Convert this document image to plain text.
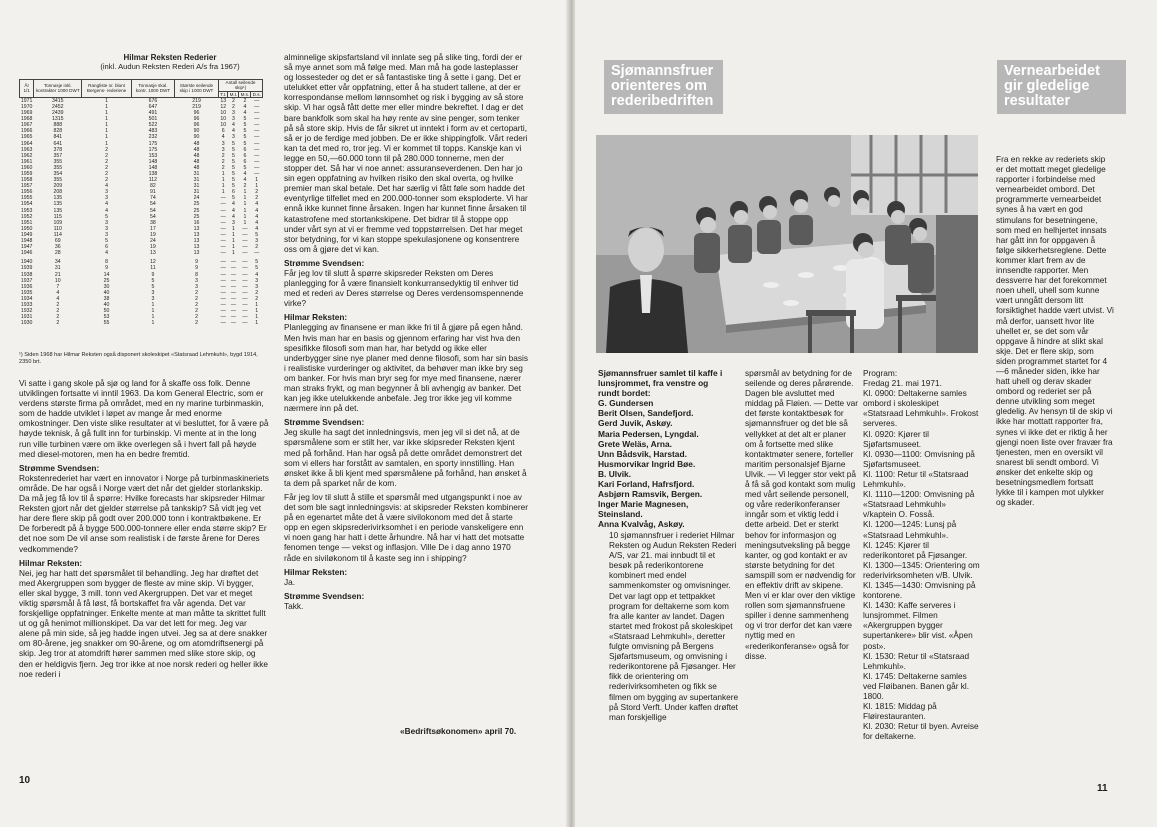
Hilmar Reksten Rederier
(inkl. Audun Reksten Rederi A/s fra 1967)
År 1/1	Tonnasje inkl. kontrakter 1000 DWT	Rangliste nr. blant Bergens- rederiene	Tonnasje skal. kontr. 1000 DWT	Største seilende skip i 1000 DWT	Antall seilende skip¹)				
					T.t.	M.t.	M.s.	D.s.	
1971	3415	1	676	219	13	2	2	—	
1970	2452	1	647	219	12	2	4	—	
1969	2439	1	491	96	10	3	4	—	
1968	1315	1	501	96	10	3	5	—	
1967	888	1	522	96	10	4	5	—	
1966	828	1	483	90	6	4	5	—	
1965	841	1	232	90	4	3	5	—	
1964	641	1	175	48	3	5	5	—	
1963	378	2	175	48	3	5	6	—	
1962	357	2	153	48	2	5	6	—	
1961	355	2	148	48	2	5	6	—	
1960	355	2	148	48	2	5	5	—	
1959	354	2	138	31	1	5	4	—	
1958	355	2	112	31	1	5	4	1	
1957	209	4	82	31	1	5	2	1	
1956	208	3	91	31	1	6	1	2	
1955	135	3	74	24	—	5	1	2	
1954	135	4	54	25	—	4	1	4	
1953	135	4	54	25	—	4	1	4	
1952	115	5	54	25	—	4	1	4	
1951	109	3	38	16	—	3	1	4	
1950	110	3	17	13	—	1	—	4	
1949	114	3	19	13	—	1	—	5	
1948	69	5	24	13	—	1	—	3	
1947	36	6	19	13	—	1	—	2	
1946	28	4	13	13	—	1	—	—	
1940	34	8	12	9	—	—	—	5	
1939	31	9	11	9	—	—	—	5	
1938	21	14	9	8	—	—	—	4	
1937	10	25	5	3	—	—	—	3	
1936	7	30	5	3	—	—	—	3	
1935	4	40	3	2	—	—	—	2	
1934	4	38	3	2	—	—	—	2	
1933	2	40	1	2	—	—	—	1	
1932	2	50	1	2	—	—	—	1	
1931	2	53	1	2	—	—	—	1	
1930	2	55	1	2	—	—	—	1	
¹) Siden 1968 har Hilmar Reksten også disponert skoleskipet «Statsraad Lehmkuhl», bygd 1914, 2350 brt.

Vi satte i gang skole på sjø og land for å skaffe oss folk. Denne utviklingen fortsatte vi inntil 1963. Da kom General Electric, som er verdens største firma på området, med en ny marine turbinmaskin, som de hadde utviklet i løpet av mange år med enorme omkostninger. Den viste slike resultater at vi besluttet, for å være på høyde teknisk, å gå fullt inn for turbinskip. Vi mente at in the long run ville turbinen være om ikke overlegen så i hvert fall på høyde med diesel-motoren, men ha en bedre fremtid.

Strømme Svendsen:

Rokstenrederiet har vært en innovator i Norge på turbinmaskineriets område. De har også i Norge vært det når det gjelder storlankskip. Da må jeg få lov til å spørre: Hvilke forecasts har skipsreder Hilmar Reksten gjort når det gjelder størrelse på tankskip? Så vidt jeg vet har dere flere skip på godt over 200.000 tonn i kontraktbøkene. Er De forberedt på å bygge 500.000-tonnere eller enda større skip? Er det noe som De vil anse som realistisk i de første årene for Deres vedkommende?

Hilmar Reksten:

Nei, jeg har hatt det spørsmålet til behandling. Jeg har drøftet det med Akergruppen som bygger de fleste av mine skip. Vi bygger, eller skal bygge, 3 mill. tonn ved Akergruppen. Det var et meget viktig spørsmål å få løst, få bortskaffet fra vår agenda. Det var forskjellige oppfatninger. Enkelte mente at man måtte ta skrittet fullt ut og gå henimot millionskipet. Da var det lett for meg. Jeg var alene på min side, så jeg hadde ingen utvei. Jeg sa at dere snakker om 80-årene, jeg snakker om 90-årene, og om atomdriftsenergi på skip. Jeg tror at atomdrift hører sammen med slike store skip, og den er heldigvis fjern. Jeg tror ikke at noe norsk rederi og heller ikke noe rederi i

alminnelige skipsfartsland vil innlate seg på slike ting, fordi der er så mye annet som må følge med. Man må ha gode lasteplasser og lossesteder og det er så fantastiske ting å sette i gang. Det er utelukket etter vår oppfatning, etter å ha studert tallene, at der er korrespondanse mellom lønnsomhet og risk i bygging av så store skip. Vi har også fått dette mer eller mindre bekreftet. I dag er det bare bankfolk som skal ha høy rente av sine penger, som tenker på så store skip. Hvis de får sikret ut inntekt i form av et certoparti, så er jo de ferdige med jobben. De er ikke shippingfolk. Vårt rederi kan ta det med ro, tror jeg. Vi er kommet til topps. Kanskje kan vi legge en 50,—60.000 tonn til på 280.000 tonnerne, men der stopper det. Så har vi noe annet: assuranseverdenen. Den har jo sin egen oppfatning av hvilken risiko den skal overta, og hvilke premier man skal betale. Det har særlig vi fått føle som hadde det eventyrlige tilfellet med en 200.000-tonner som eksploderte. Vi har ennå ikke kunnet finne årsaken. Ingen har kunnet finne årsaken til katastrofene med stortankskipene. Det bidrar til å stoppe opp under vårt syn at vi er fremme ved toppstørrelsen. Det har meget stor betydning, for vi kan stoppe spekulasjonene og konsentrere oss om å gjøre det vi kan.

Strømme Svendsen:

Får jeg lov til slutt å spørre skipsreder Reksten om Deres planlegging for å være finansielt konkurransedyktig til enhver tid med et rederi av Deres størrelse og Deres verdensomspennende virke?

Hilmar Reksten:

Planlegging av finansene er man ikke fri til å gjøre på egen hånd. Men hvis man har en basis og gjennom erfaring har vist hva den spesifikke filosofi som man har, har betydd og ikke eller underbygger sine nye planer med denne filosofi, som har sin basis i realistiske vurderinger og aktivitet, da behøver man ikke bry seg om banker. For hvis man bryr seg for mye med finansene, nærer man straks frykt, og man begynner å bli avhengig av banker. Det kan jeg ikke utelukkende anbefale. Jeg tror ikke jeg vil komme nærmere inn på det.

Strømme Svendsen:

Jeg skulle ha sagt det innledningsvis, men jeg vil si det nå, at de spørsmålene som er stilt her, var ikke skipsreder Reksten kjent med på forhånd. Han har også på dette området demonstrert det som vi ellers har forstått av samtalen, en sporty innstilling. Han ønsket ikke å bli kjent med spørsmålene på forhånd, han ønsket å ta dem på sparket når de kom.

Får jeg lov til slutt å stille et spørsmål med utgangspunkt i noe av det som ble sagt innledningsvis: at skipsreder Reksten kombinerer på en egenartet måte det å være sivilokonom med det å starte opp en egen skipsrederivirksomhet i en periode vanskeligere enn vi noen gang har hatt i dette århundre. Nå har vi hatt det motsatte fenomen tenge — vekst og inflasjon. Ville De i dag anno 1970 råde en siviløkonom til å kaste seg inn i shipping?

Hilmar Reksten:

Ja.

Strømme Svendsen:

Takk.

«Bedriftsøkonomen» april 70.
10
Sjømannsfruer orienteres om rederibedriften
Vernearbeidet gir gledelige resultater
Sjømannsfruer samlet til kaffe i lunsjrommet, fra venstre og rundt bordet:
G. Gundersen
Berit Olsen, Sandefjord.
Gerd Juvik, Askøy.
Maria Pedersen, Lyngdal.
Grete Weläs, Arna.
Unn Bådsvik, Harstad.
Husmorvikar Ingrid Bøe.
B. Ulvik.
Kari Forland, Hafrsfjord.
Asbjørn Ramsvik, Bergen.
Inger Marie Magnesen, Steinsland.
Anna Kvalvåg, Askøy.

10 sjømannsfruer i rederiet Hilmar Reksten og Audun Reksten Rederi A/S, var 21. mai innbudt til et besøk på rederikontorene kombinert med endel sammenkomster og omvisninger. Det var lagt opp et tettpakket program for deltakerne som kom fra alle kanter av landet. Dagen startet med frokost på skoleskipet «Statsraad Lehmkuhl», deretter fulgte omvisning på Bergens Sjøfartsmuseum, og omvisning i rederikontorene på Fjøsanger. Her fikk de orientering om rederivirksomheten og fikk se filmen om bygging av supertankere på Stord Verft. Under kaffen drøftet man forskjellige

spørsmål av betydning for de seilende og deres pårørende. Dagen ble avsluttet med middag på Fløien. — Dette var det første kontaktbesøk for sjømannsfruer og det ble så vellykket at det alt er planer om å fortsette med slike kontaktmøter senere, forteller maritim personalsjef Bjarne Ulvik. — Vi legger stor vekt på å få så god kontakt som mulig med vårt seilende personell, og våre rederikonferanser inngår som et viktig ledd i dette arbeid. Det er sterkt behov for informasjon og meningsutveksling på begge kanter, og god kontakt er av største betydning for det samspill som er nødvendig for en effektiv drift av skipene. Men vi er klar over den viktige rollen som sjømannsfruene spiller i denne sammenheng og vi tror derfor det kan være nyttig med en «rederikonferanse» også for disse.

Program:
Fredag 21. mai 1971.
Kl. 0900: Deltakerne samles ombord i skoleskipet «Statsraad Lehmkuhl». Frokost serveres.
Kl. 0920: Kjører til Sjøfartsmuseet.
Kl. 0930—1100: Omvisning på Sjøfartsmuseet.
Kl. 1100: Retur til «Statsraad Lehmkuhl».
Kl. 1110—1200: Omvisning på «Statsraad Lehmkuhl» v/kaptein O. Fosså.
Kl. 1200—1245: Lunsj på «Statsraad Lehmkuhl».
Kl. 1245: Kjører til rederikontoret på Fjøsanger.
Kl. 1300—1345: Orientering om rederivirksomheten v/B. Ulvik.
Kl. 1345—1430: Omvisning på kontorene.
Kl. 1430: Kaffe serveres i lunsjrommet. Filmen «Akergruppen bygger supertankere» blir vist. «Åpen post».
Kl. 1530: Retur til «Statsraad Lehmkuhl».
Kl. 1745: Deltakerne samles ved Fløibanen. Banen går kl. 1800.
Kl. 1815: Middag på Fløirestauranten.
Kl. 2030: Retur til byen. Avreise for deltakerne.

Fra en rekke av rederiets skip er det mottatt meget gledelige rapporter i forbindelse med vernearbeidet ombord. Det programmerte vernearbeidet synes å ha vært en god stimulans for besetningene, som med en helhjertet innsats har gått inn for oppgaven å følge sikkerhetsreglene. Dette kommer klart frem av de innsendte rapporter. Men dessverre har det forekommet noen uhell, uhell som kunne vært unngått dersom litt forsiktighet hadde vært utvist. Vi må derfor, uansett hvor lite uhellet er, se det som vår oppgave å hindre at slikt skal skje. Det er flere skip, som siden programmet startet for 4—6 måneder siden, ikke har hatt uhell og derav skader ombord og rederiet ser på denne utvikling som meget gledelig. Av hensyn til de skip vi ikke har mottatt rapporter fra, synes vi ikke det er riktig å her gjengi noen liste over fravær fra tjenesten, men en oversikt vil snarest bli sendt ombord. Vi ønsker det enkelte skip og besetningsmedlem fortsatt lykke til i kampen mot ulykker og skader.

11
